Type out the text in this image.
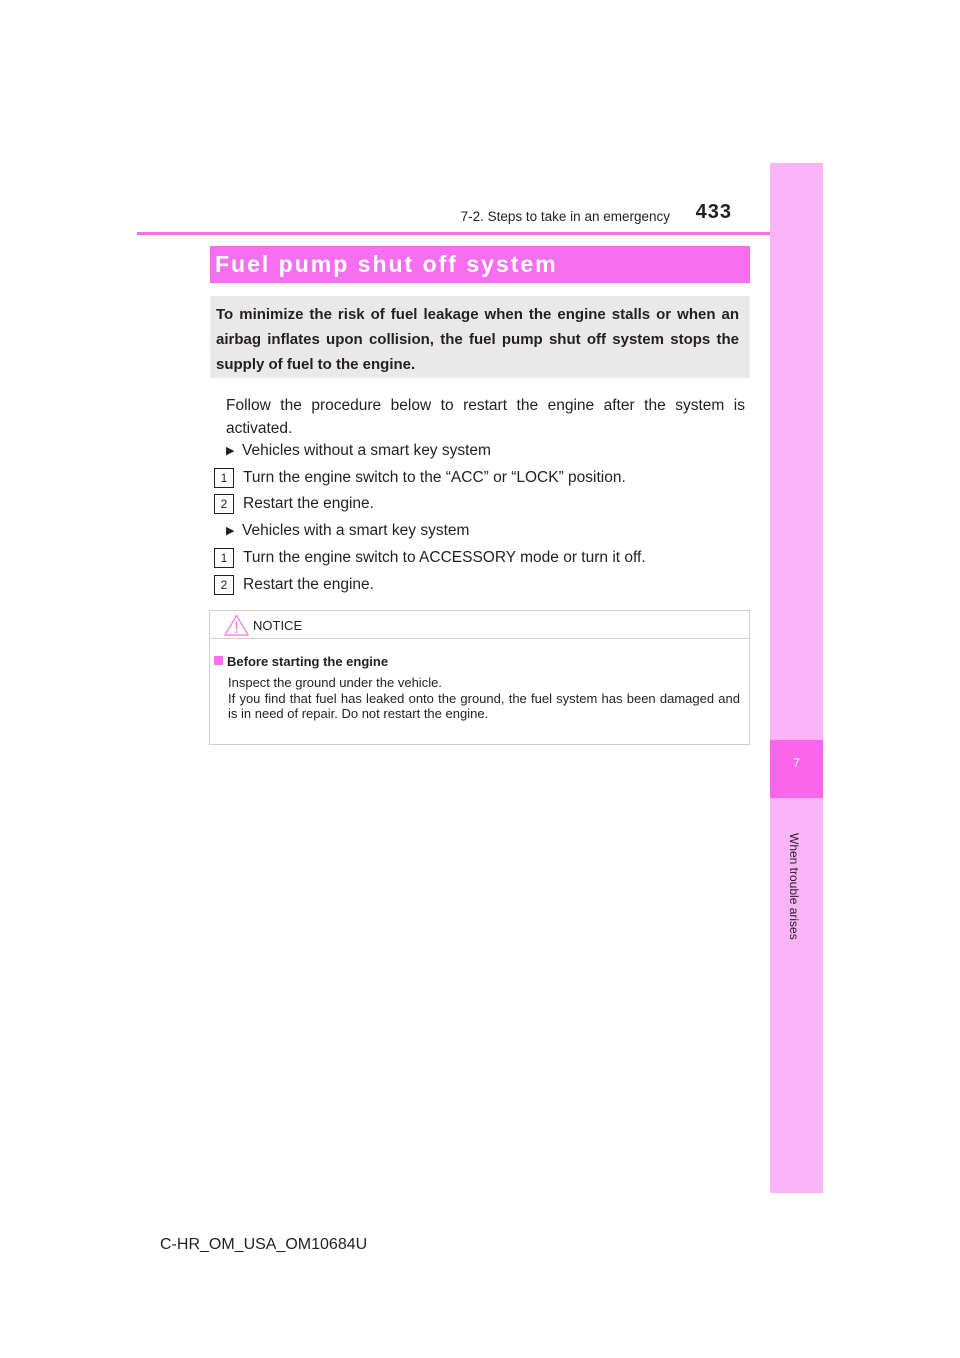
433
7-2. Steps to take in an emergency
7
When trouble arises
Fuel pump shut off system
To minimize the risk of fuel leakage when the engine stalls or when an airbag inflates upon collision, the fuel pump shut off system stops the supply of fuel to the engine.
Follow the procedure below to restart the engine after the system is activated.
▶ Vehicles without a smart key system
1	Turn the engine switch to the “ACC” or “LOCK” position.
2	Restart the engine.
▶ Vehicles with a smart key system
1	Turn the engine switch to ACCESSORY mode or turn it off.
2	Restart the engine.
NOTICE
Before starting the engine
Inspect the ground under the vehicle.
If you find that fuel has leaked onto the ground, the fuel system has been damaged and is in need of repair. Do not restart the engine.
C-HR_OM_USA_OM10684U
